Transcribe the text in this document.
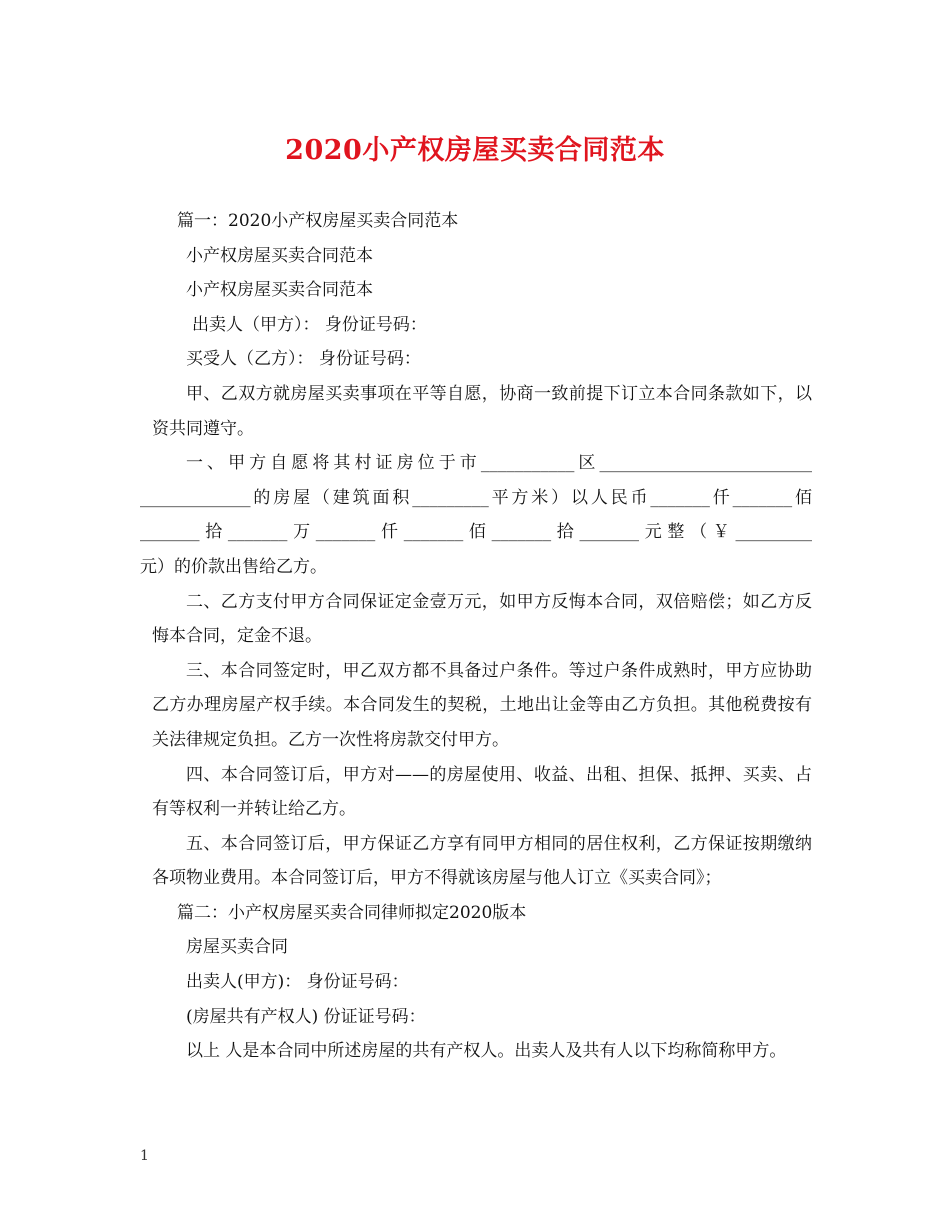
2020小产权房屋买卖合同范本

篇一：2020小产权房屋买卖合同范本

小产权房屋买卖合同范本

小产权房屋买卖合同范本

出卖人（甲方）： 身份证号码：

买受人（乙方）： 身份证号码：

甲、乙双方就房屋买卖事项在平等自愿，协商一致前提下订立本合同条款如下，以资共同遵守。

一、甲方自愿将其村证房位于市___________区_________________________

_____________的房屋（建筑面积_________平方米）以人民币_______仟_______佰

_______拾_______万_______仟_______佰_______拾_______元整（￥_________

元）的价款出售给乙方。

二、乙方支付甲方合同保证定金壹万元，如甲方反悔本合同，双倍赔偿；如乙方反悔本合同，定金不退。

三、本合同签定时，甲乙双方都不具备过户条件。等过户条件成熟时，甲方应协助乙方办理房屋产权手续。本合同发生的契税，土地出让金等由乙方负担。其他税费按有关法律规定负担。乙方一次性将房款交付甲方。

四、本合同签订后，甲方对——的房屋使用、收益、出租、担保、抵押、买卖、占有等权利一并转让给乙方。

五、本合同签订后，甲方保证乙方享有同甲方相同的居住权利，乙方保证按期缴纳各项物业费用。本合同签订后，甲方不得就该房屋与他人订立《买卖合同》；

篇二：小产权房屋买卖合同律师拟定2020版本

房屋买卖合同

出卖人(甲方)： 身份证号码：

(房屋共有产权人) 份证证号码：

以上 人是本合同中所述房屋的共有产权人。出卖人及共有人以下均称简称甲方。

1
